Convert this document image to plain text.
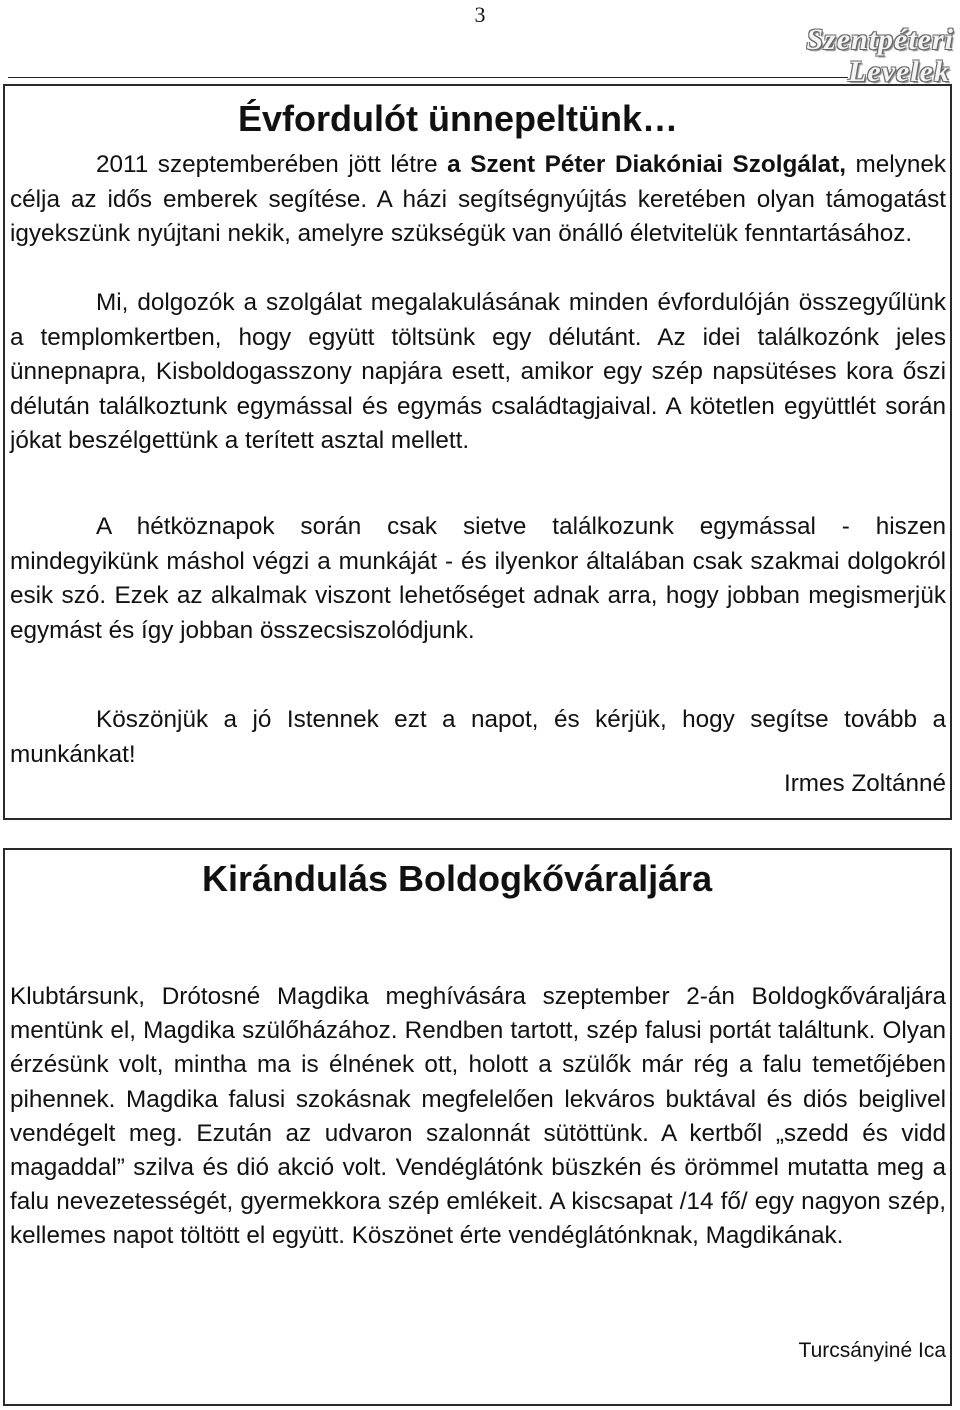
3
Szentpéteri

Levelek
Évfordulót ünnepeltünk…

2011 szeptemberében jött létre a Szent Péter Diakóniai Szolgálat, melynek célja az idős emberek segítése. A házi segítségnyújtás keretében olyan támogatást igyekszünk nyújtani nekik, amelyre szükségük van önálló életvitelük fenntartásához.

Mi, dolgozók a szolgálat megalakulásának minden évfordulóján összegyűlünk a templomkertben, hogy együtt töltsünk egy délutánt. Az idei találkozónk jeles ünnepnapra, Kisboldogasszony napjára esett, amikor egy szép napsütéses kora őszi délután találkoztunk egymással és egymás családtagjaival. A kötetlen együttlét során jókat beszélgettünk a terített asztal mellett.

A hétköznapok során csak sietve találkozunk egymással - hiszen mindegyikünk máshol végzi a munkáját - és ilyenkor általában csak szakmai dolgokról esik szó. Ezek az alkalmak viszont lehetőséget adnak arra, hogy jobban megismerjük egymást és így jobban összecsiszolódjunk.

Köszönjük a jó Istennek ezt a napot, és kérjük, hogy segítse tovább a munkánkat!

Irmes Zoltánné
Kirándulás Boldogkőváraljára

Klubtársunk, Drótosné Magdika meghívására szeptember 2-án Boldogkőváraljára mentünk el, Magdika szülőházához. Rendben tartott, szép falusi portát találtunk. Olyan érzésünk volt, mintha ma is élnének ott, holott a szülők már rég a falu temetőjében pihennek. Magdika falusi szokásnak megfelelően lekváros buktával és diós beiglivel vendégelt meg. Ezután az udvaron szalonnát sütöttünk. A kertből „szedd és vidd magaddal” szilva és dió akció volt. Vendéglátónk büszkén és örömmel mutatta meg a falu nevezetességét, gyermekkora szép emlékeit. A kiscsapat /14 fő/ egy nagyon szép, kellemes napot töltött el együtt. Köszönet érte vendéglátónknak, Magdikának.

Turcsányiné Ica
